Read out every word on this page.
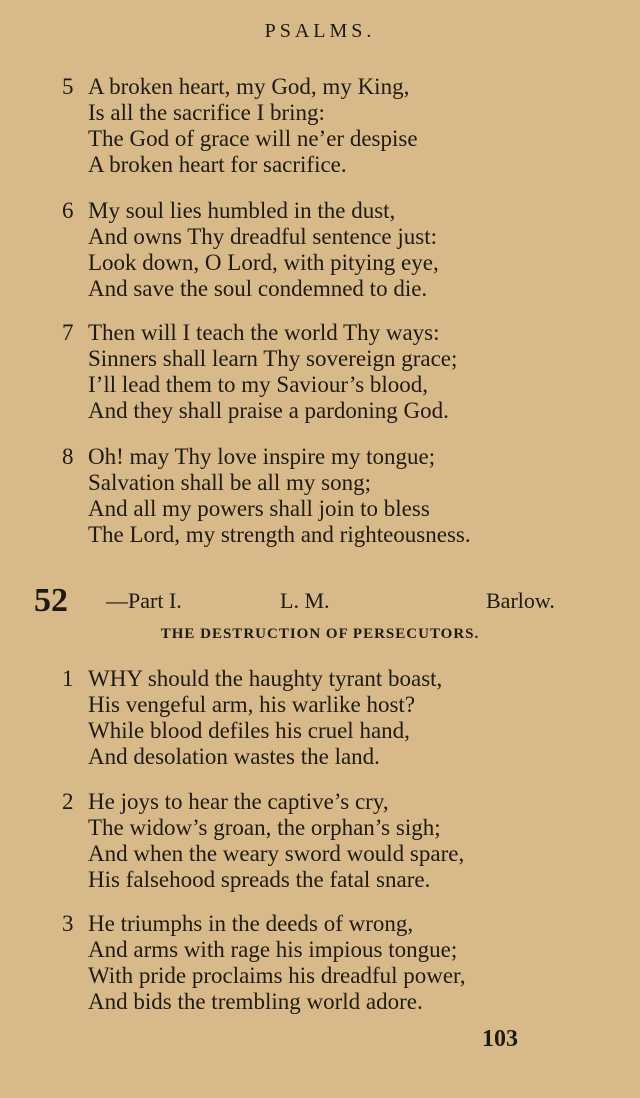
PSALMS.
5 A broken heart, my God, my King,
Is all the sacrifice I bring:
The God of grace will ne’er despise
A broken heart for sacrifice.
6 My soul lies humbled in the dust,
And owns Thy dreadful sentence just:
Look down, O Lord, with pitying eye,
And save the soul condemned to die.
7 Then will I teach the world Thy ways:
Sinners shall learn Thy sovereign grace;
I’ll lead them to my Saviour’s blood,
And they shall praise a pardoning God.
8 Oh! may Thy love inspire my tongue;
Salvation shall be all my song;
And all my powers shall join to bless
The Lord, my strength and righteousness.
52 —Part I.	L. M.	Barlow.
THE DESTRUCTION OF PERSECUTORS.
1 WHY should the haughty tyrant boast,
His vengeful arm, his warlike host?
While blood defiles his cruel hand,
And desolation wastes the land.
2 He joys to hear the captive’s cry,
The widow’s groan, the orphan’s sigh;
And when the weary sword would spare,
His falsehood spreads the fatal snare.
3 He triumphs in the deeds of wrong,
And arms with rage his impious tongue;
With pride proclaims his dreadful power,
And bids the trembling world adore.
103
